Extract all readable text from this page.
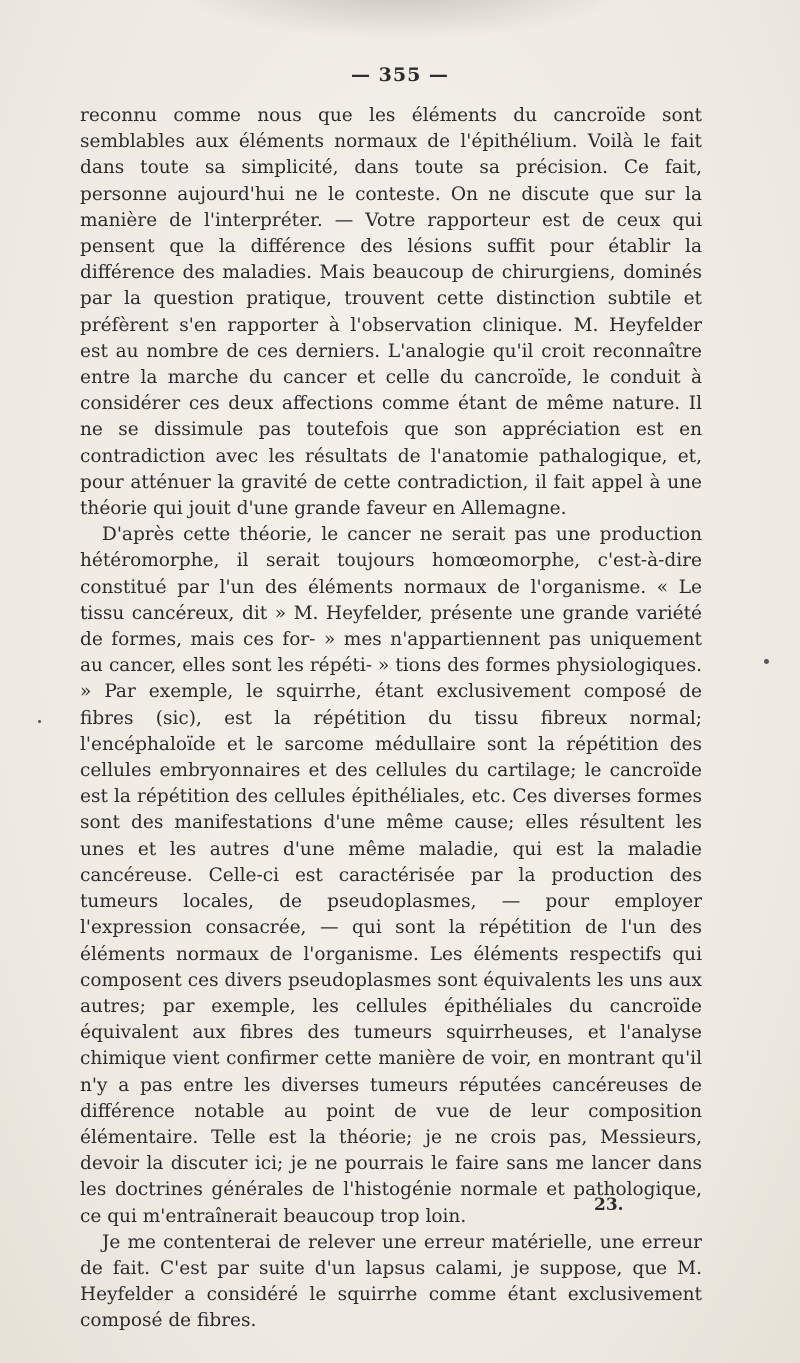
— 355 —

reconnu comme nous que les éléments du cancroïde sont semblables aux éléments normaux de l'épithélium. Voilà le fait dans toute sa simplicité, dans toute sa précision. Ce fait, personne aujourd'hui ne le conteste. On ne discute que sur la manière de l'interpréter. — Votre rapporteur est de ceux qui pensent que la différence des lésions suffit pour établir la différence des maladies. Mais beaucoup de chirurgiens, dominés par la question pratique, trouvent cette distinction subtile et préfèrent s'en rapporter à l'observation clinique. M. Heyfelder est au nombre de ces derniers. L'analogie qu'il croit reconnaître entre la marche du cancer et celle du cancroïde, le conduit à considérer ces deux affections comme étant de même nature. Il ne se dissimule pas toutefois que son appréciation est en contradiction avec les résultats de l'anatomie pathalogique, et, pour atténuer la gravité de cette contradiction, il fait appel à une théorie qui jouit d'une grande faveur en Allemagne.

D'après cette théorie, le cancer ne serait pas une production hétéromorphe, il serait toujours homœomorphe, c'est-à-dire constitué par l'un des éléments normaux de l'organisme. « Le tissu cancéreux, dit » M. Heyfelder, présente une grande variété de formes, mais ces for- » mes n'appartiennent pas uniquement au cancer, elles sont les répéti- » tions des formes physiologiques. » Par exemple, le squirrhe, étant exclusivement composé de fibres (sic), est la répétition du tissu fibreux normal; l'encéphaloïde et le sarcome médullaire sont la répétition des cellules embryonnaires et des cellules du cartilage; le cancroïde est la répétition des cellules épithéliales, etc. Ces diverses formes sont des manifestations d'une même cause; elles résultent les unes et les autres d'une même maladie, qui est la maladie cancéreuse. Celle-ci est caractérisée par la production des tumeurs locales, de pseudoplasmes, — pour employer l'expression consacrée, — qui sont la répétition de l'un des éléments normaux de l'organisme. Les éléments respectifs qui composent ces divers pseudoplasmes sont équivalents les uns aux autres; par exemple, les cellules épithéliales du cancroïde équivalent aux fibres des tumeurs squirrheuses, et l'analyse chimique vient confirmer cette manière de voir, en montrant qu'il n'y a pas entre les diverses tumeurs réputées cancéreuses de différence notable au point de vue de leur composition élémentaire. Telle est la théorie; je ne crois pas, Messieurs, devoir la discuter ici; je ne pourrais le faire sans me lancer dans les doctrines générales de l'histogénie normale et pathologique, ce qui m'entraînerait beaucoup trop loin.

Je me contenterai de relever une erreur matérielle, une erreur de fait. C'est par suite d'un lapsus calami, je suppose, que M. Heyfelder a considéré le squirrhe comme étant exclusivement composé de fibres.

23.
